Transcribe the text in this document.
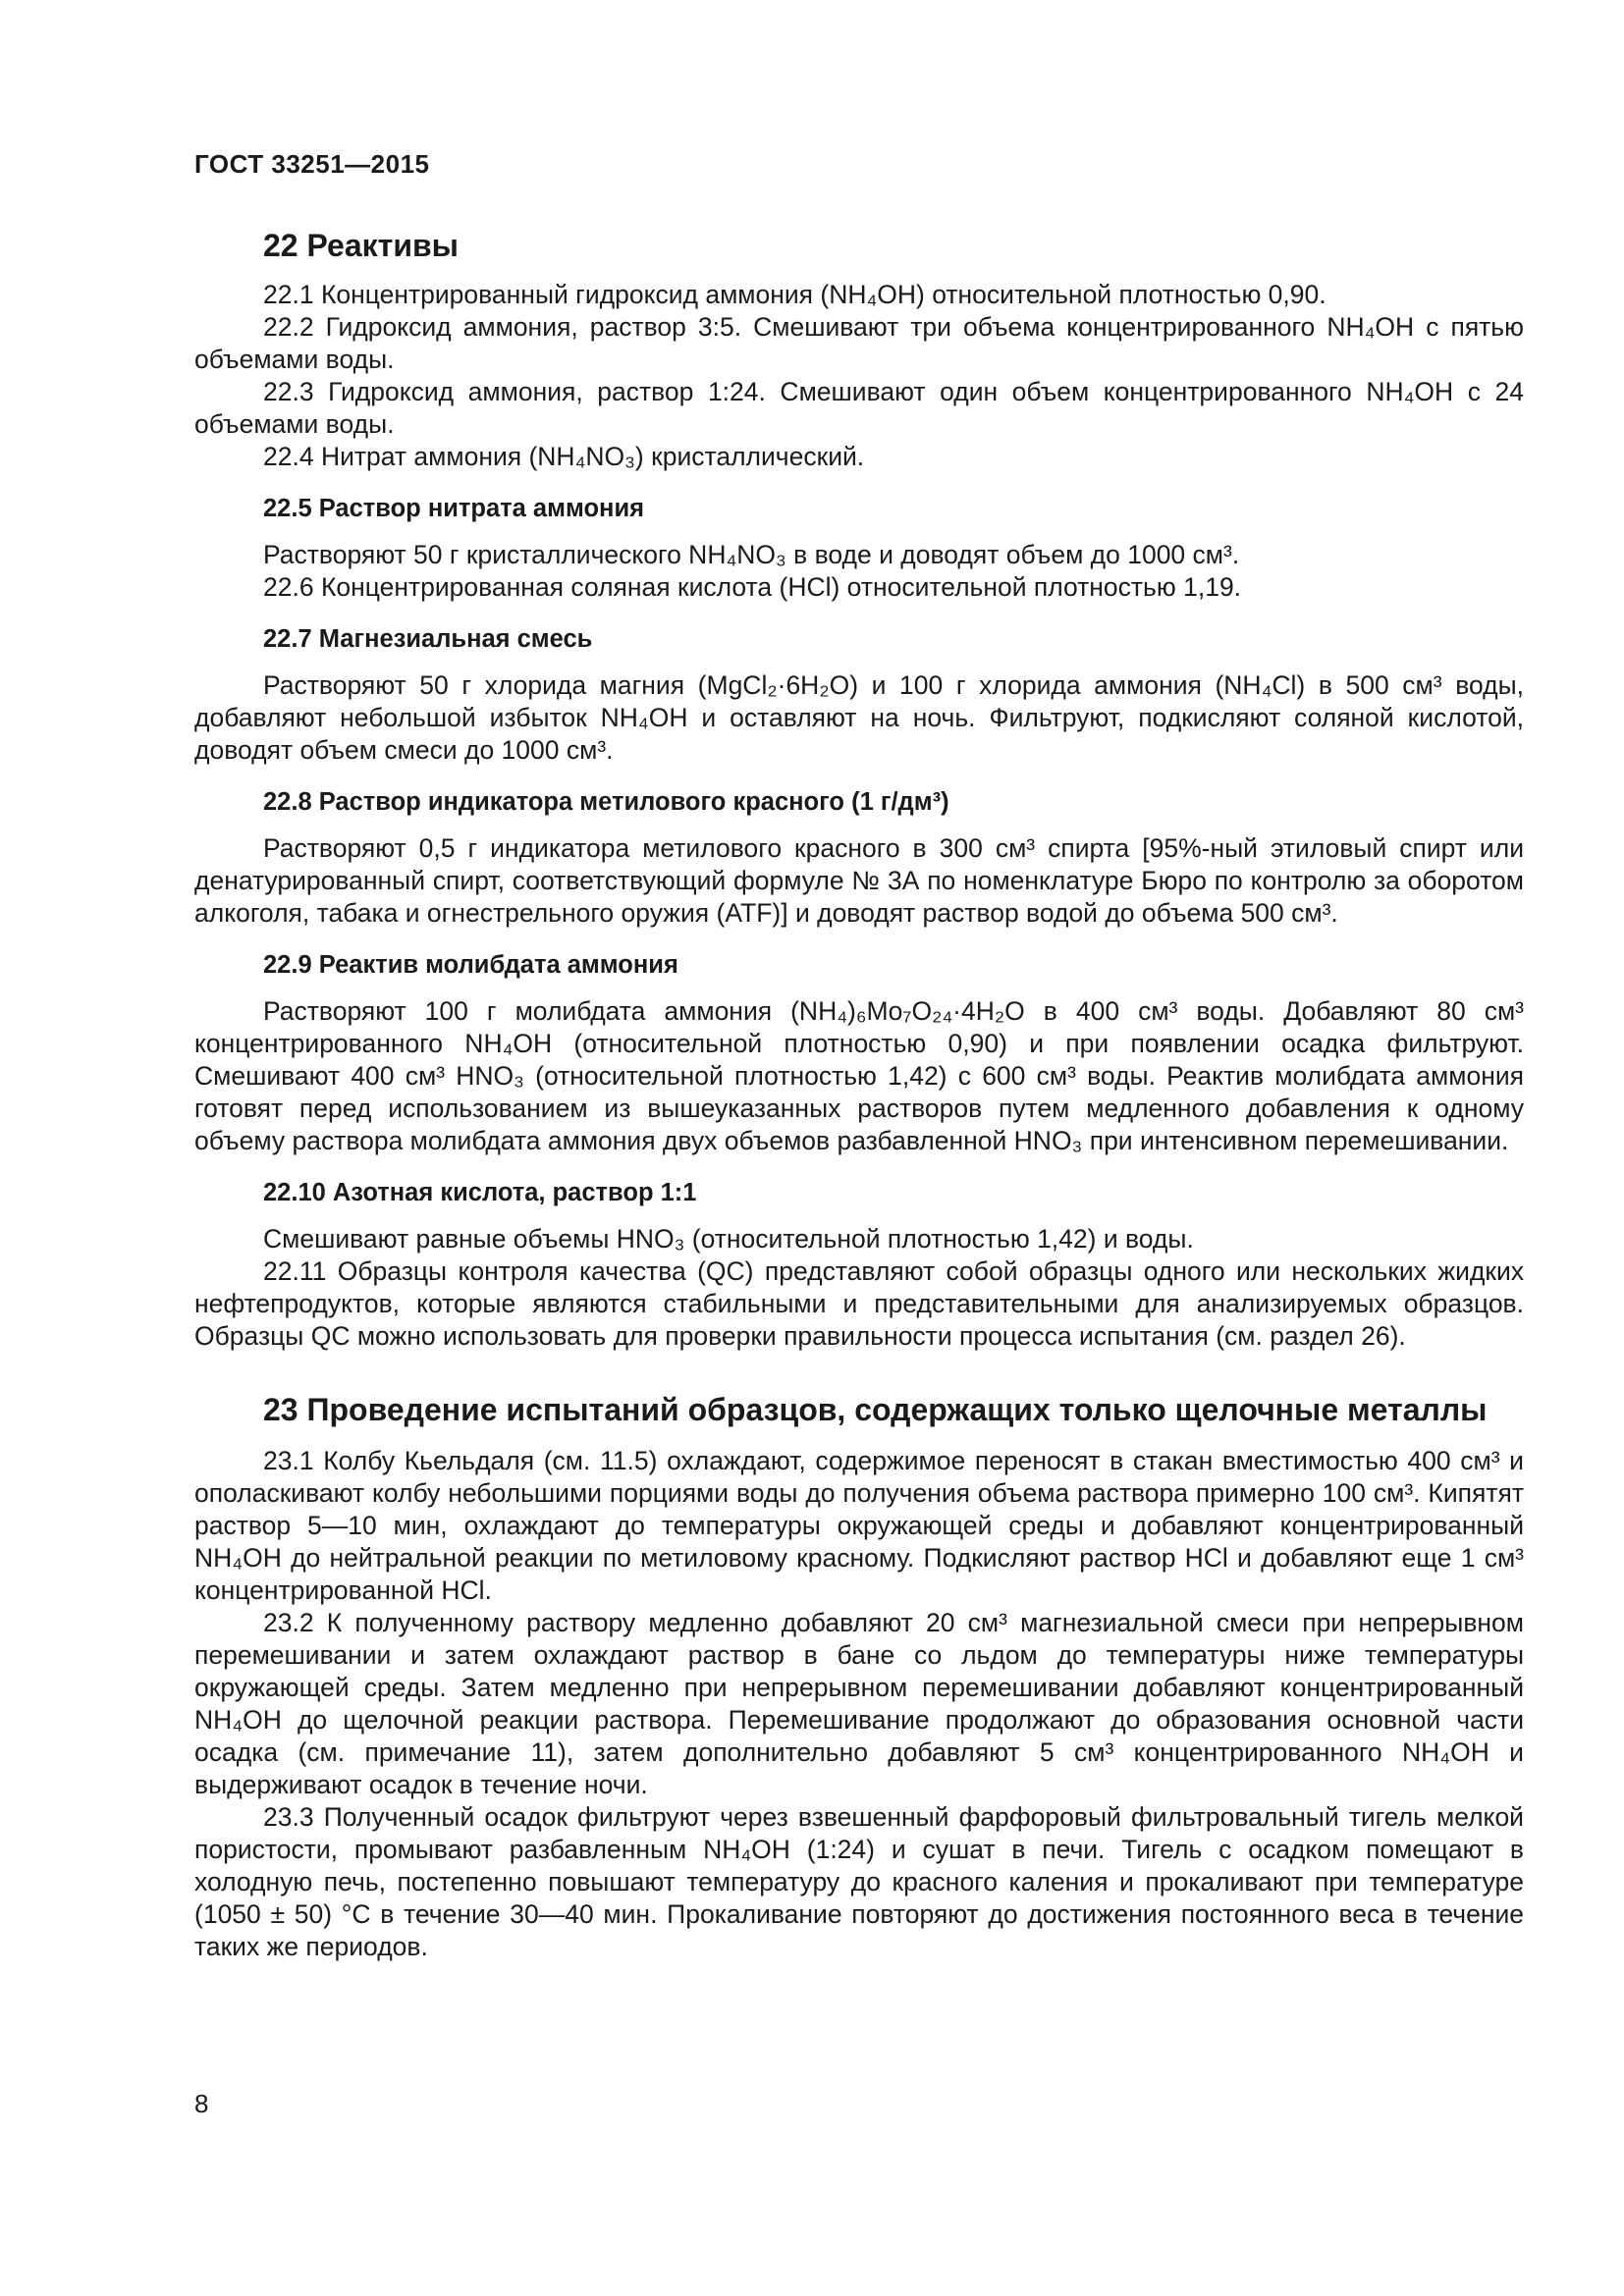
ГОСТ 33251—2015
22 Реактивы

22.1 Концентрированный гидроксид аммония (NH₄OH) относительной плотностью 0,90.

22.2 Гидроксид аммония, раствор 3:5. Смешивают три объема концентрированного NH₄OH с пятью объемами воды.

22.3 Гидроксид аммония, раствор 1:24. Смешивают один объем концентрированного NH₄OH с 24 объемами воды.

22.4 Нитрат аммония (NH₄NO₃) кристаллический.

22.5 Раствор нитрата аммония

Растворяют 50 г кристаллического NH₄NO₃ в воде и доводят объем до 1000 см³.

22.6 Концентрированная соляная кислота (HCl) относительной плотностью 1,19.

22.7 Магнезиальная смесь

Растворяют 50 г хлорида магния (MgCl₂·6H₂O) и 100 г хлорида аммония (NH₄Cl) в 500 см³ воды, добавляют небольшой избыток NH₄OH и оставляют на ночь. Фильтруют, подкисляют соляной кислотой, доводят объем смеси до 1000 см³.

22.8 Раствор индикатора метилового красного (1 г/дм³)

Растворяют 0,5 г индикатора метилового красного в 300 см³ спирта [95%-ный этиловый спирт или денатурированный спирт, соответствующий формуле № 3А по номенклатуре Бюро по контролю за оборотом алкоголя, табака и огнестрельного оружия (ATF)] и доводят раствор водой до объема 500 см³.

22.9 Реактив молибдата аммония

Растворяют 100 г молибдата аммония (NH₄)₆Mo₇O₂₄·4H₂O в 400 см³ воды. Добавляют 80 см³ концентрированного NH₄OH (относительной плотностью 0,90) и при появлении осадка фильтруют. Смешивают 400 см³ HNO₃ (относительной плотностью 1,42) с 600 см³ воды. Реактив молибдата аммония готовят перед использованием из вышеуказанных растворов путем медленного добавления к одному объему раствора молибдата аммония двух объемов разбавленной HNO₃ при интенсивном перемешивании.

22.10 Азотная кислота, раствор 1:1

Смешивают равные объемы HNO₃ (относительной плотностью 1,42) и воды.

22.11 Образцы контроля качества (QC) представляют собой образцы одного или нескольких жидких нефтепродуктов, которые являются стабильными и представительными для анализируемых образцов. Образцы QC можно использовать для проверки правильности процесса испытания (см. раздел 26).

23 Проведение испытаний образцов, содержащих только щелочные металлы

23.1 Колбу Кьельдаля (см. 11.5) охлаждают, содержимое переносят в стакан вместимостью 400 см³ и ополаскивают колбу небольшими порциями воды до получения объема раствора примерно 100 см³. Кипятят раствор 5—10 мин, охлаждают до температуры окружающей среды и добавляют концентрированный NH₄OH до нейтральной реакции по метиловому красному. Подкисляют раствор HCl и добавляют еще 1 см³ концентрированной HCl.

23.2 К полученному раствору медленно добавляют 20 см³ магнезиальной смеси при непрерывном перемешивании и затем охлаждают раствор в бане со льдом до температуры ниже температуры окружающей среды. Затем медленно при непрерывном перемешивании добавляют концентрированный NH₄OH до щелочной реакции раствора. Перемешивание продолжают до образования основной части осадка (см. примечание 11), затем дополнительно добавляют 5 см³ концентрированного NH₄OH и выдерживают осадок в течение ночи.

23.3 Полученный осадок фильтруют через взвешенный фарфоровый фильтровальный тигель мелкой пористости, промывают разбавленным NH₄OH (1:24) и сушат в печи. Тигель с осадком помещают в холодную печь, постепенно повышают температуру до красного каления и прокаливают при температуре (1050 ± 50) °С в течение 30—40 мин. Прокаливание повторяют до достижения постоянного веса в течение таких же периодов.

8
